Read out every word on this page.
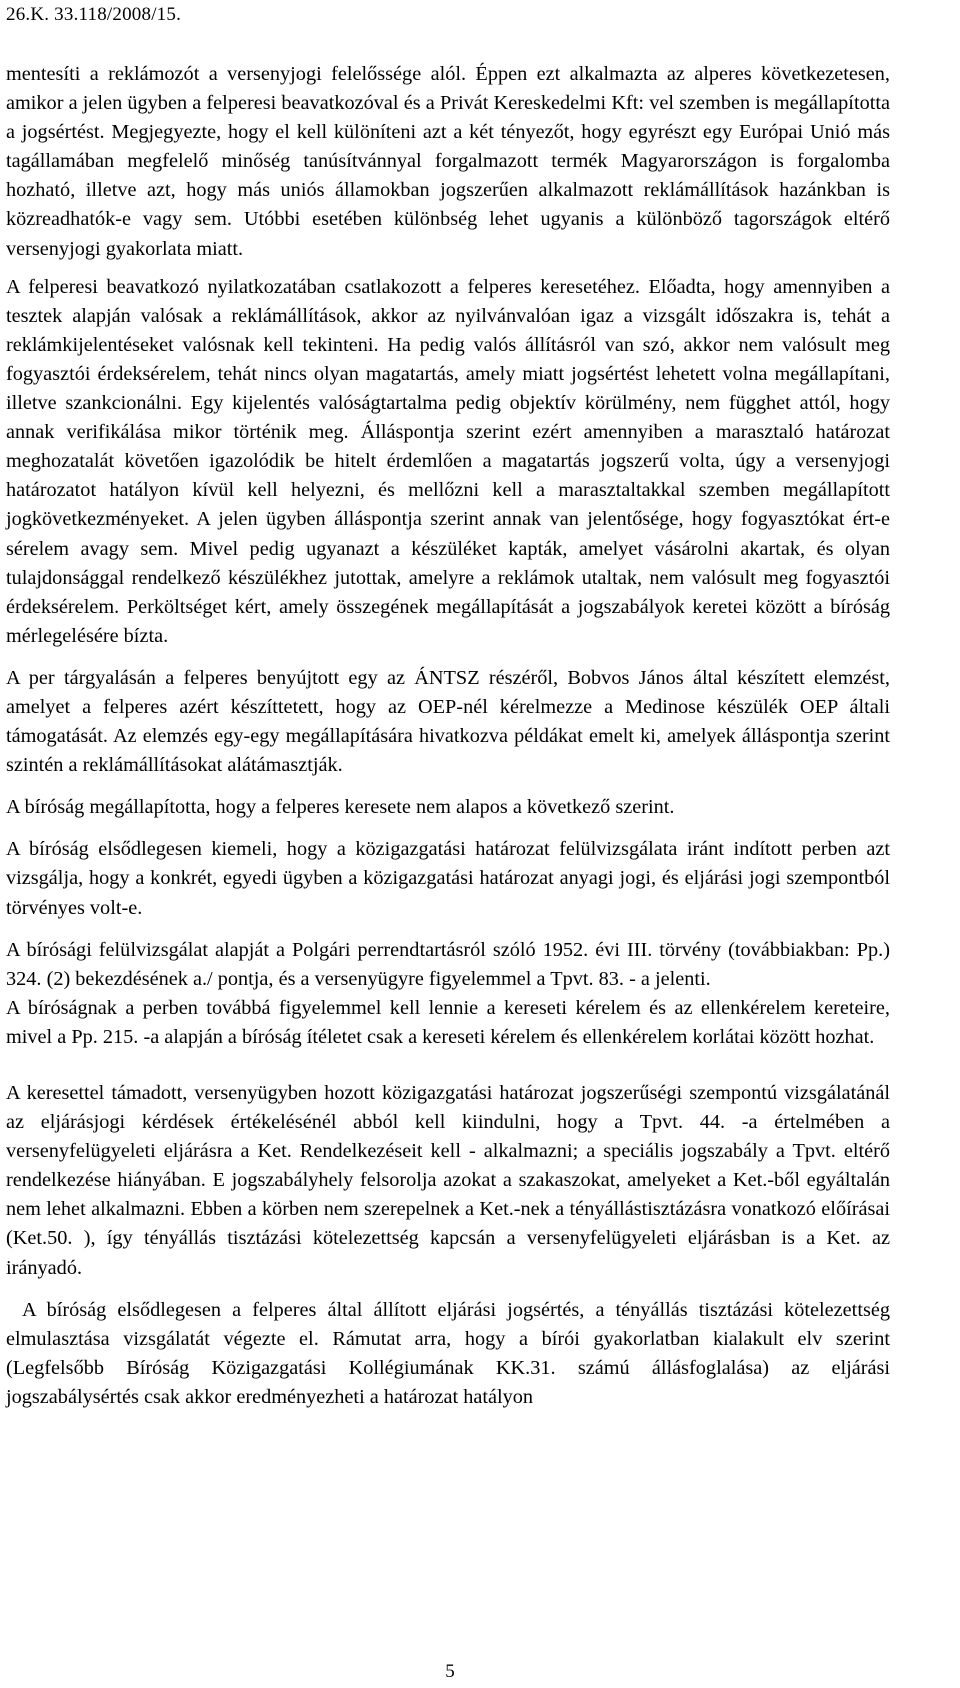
26.K. 33.118/2008/15.

mentesíti a reklámozót a versenyjogi felelőssége alól. Éppen ezt alkalmazta az alperes következetesen, amikor a jelen ügyben a felperesi beavatkozóval és a Privát Kereskedelmi Kft: vel szemben is megállapította a jogsértést. Megjegyezte, hogy el kell különíteni azt a két tényezőt, hogy egyrészt egy Európai Unió más tagállamában megfelelő minőség tanúsítvánnyal forgalmazott termék Magyarországon is forgalomba hozható, illetve azt, hogy más uniós államokban jogszerűen alkalmazott reklámállítások hazánkban is közreadhatók-e vagy sem. Utóbbi esetében különbség lehet ugyanis a különböző tagországok eltérő versenyjogi gyakorlata miatt.

A felperesi beavatkozó nyilatkozatában csatlakozott a felperes keresetéhez. Előadta, hogy amennyiben a tesztek alapján valósak a reklámállítások, akkor az nyilvánvalóan igaz a vizsgált időszakra is, tehát a reklámkijelentéseket valósnak kell tekinteni. Ha pedig valós állításról van szó, akkor nem valósult meg fogyasztói érdeksérelem, tehát nincs olyan magatartás, amely miatt jogsértést lehetett volna megállapítani, illetve szankcionálni. Egy kijelentés valóságtartalma pedig objektív körülmény, nem függhet attól, hogy annak verifikálása mikor történik meg. Álláspontja szerint ezért amennyiben a marasztaló határozat meghozatalát követően igazolódik be hitelt érdemlően a magatartás jogszerű volta, úgy a versenyjogi határozatot hatályon kívül kell helyezni, és mellőzni kell a marasztaltakkal szemben megállapított jogkövetkezményeket. A jelen ügyben álláspontja szerint annak van jelentősége, hogy fogyasztókat ért-e sérelem avagy sem. Mivel pedig ugyanazt a készüléket kapták, amelyet vásárolni akartak, és olyan tulajdonsággal rendelkező készülékhez jutottak, amelyre a reklámok utaltak, nem valósult meg fogyasztói érdeksérelem. Perköltséget kért, amely összegének megállapítását a jogszabályok keretei között a bíróság mérlegelésére bízta.

A per tárgyalásán a felperes benyújtott egy az ÁNTSZ részéről, Bobvos János által készített elemzést, amelyet a felperes azért készíttetett, hogy az OEP-nél kérelmezze a Medinose készülék OEP általi támogatását. Az elemzés egy-egy megállapítására hivatkozva példákat emelt ki, amelyek álláspontja szerint szintén a reklámállításokat alátámasztják.

A bíróság megállapította, hogy a felperes keresete nem alapos a következő szerint.

A bíróság elsődlegesen kiemeli, hogy a közigazgatási határozat felülvizsgálata iránt indított perben azt vizsgálja, hogy a konkrét, egyedi ügyben a közigazgatási határozat anyagi jogi, és eljárási jogi szempontból törvényes volt-e.

A bírósági felülvizsgálat alapját a Polgári perrendtartásról szóló 1952. évi III. törvény (továbbiakban: Pp.) 324. (2) bekezdésének a./ pontja, és a versenyügyre figyelemmel a Tpvt. 83. - a jelenti.

A bíróságnak a perben továbbá figyelemmel kell lennie a kereseti kérelem és az ellenkérelem kereteire, mivel a Pp. 215. -a alapján a bíróság ítéletet csak a kereseti kérelem és ellenkérelem korlátai között hozhat.

A keresettel támadott, versenyügyben hozott közigazgatási határozat jogszerűségi szempontú vizsgálatánál az eljárásjogi kérdések értékelésénél abból kell kiindulni, hogy a Tpvt. 44. -a értelmében a versenyfelügyeleti eljárásra a Ket. Rendelkezéseit kell - alkalmazni; a speciális jogszabály a Tpvt. eltérő rendelkezése hiányában. E jogszabályhely felsorolja azokat a szakaszokat, amelyeket a Ket.-ből egyáltalán nem lehet alkalmazni. Ebben a körben nem szerepelnek a Ket.-nek a tényállástisztázásra vonatkozó előírásai (Ket.50. ), így tényállás tisztázási kötelezettség kapcsán a versenyfelügyeleti eljárásban is a Ket. az irányadó.

A bíróság elsődlegesen a felperes által állított eljárási jogsértés, a tényállás tisztázási kötelezettség elmulasztása vizsgálatát végezte el. Rámutat arra, hogy a bírói gyakorlatban kialakult elv szerint (Legfelsőbb Bíróság Közigazgatási Kollégiumának KK.31. számú állásfoglalása) az eljárási jogszabálysértés csak akkor eredményezheti a határozat hatályon

5
